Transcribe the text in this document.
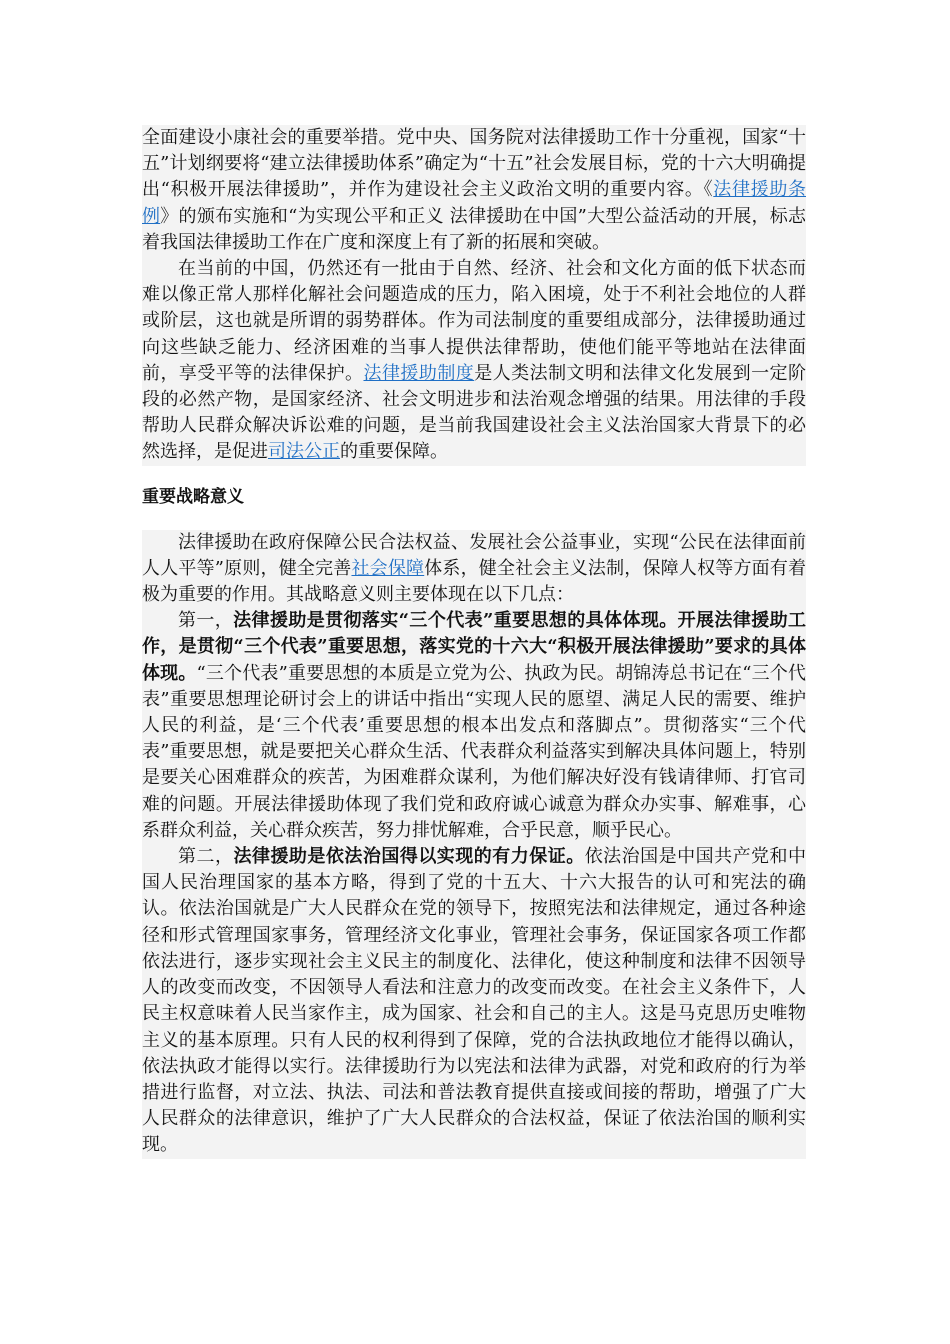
全面建设小康社会的重要举措。党中央、国务院对法律援助工作十分重视，国家“十五”计划纲要将“建立法律援助体系”确定为“十五”社会发展目标，党的十六大明确提出“积极开展法律援助”，并作为建设社会主义政治文明的重要内容。《法律援助条例》的颁布实施和“为实现公平和正义 法律援助在中国”大型公益活动的开展，标志着我国法律援助工作在广度和深度上有了新的拓展和突破。

在当前的中国，仍然还有一批由于自然、经济、社会和文化方面的低下状态而难以像正常人那样化解社会问题造成的压力，陷入困境，处于不利社会地位的人群或阶层，这也就是所谓的弱势群体。作为司法制度的重要组成部分，法律援助通过向这些缺乏能力、经济困难的当事人提供法律帮助，使他们能平等地站在法律面前，享受平等的法律保护。法律援助制度是人类法制文明和法律文化发展到一定阶段的必然产物，是国家经济、社会文明进步和法治观念增强的结果。用法律的手段帮助人民群众解决诉讼难的问题，是当前我国建设社会主义法治国家大背景下的必然选择，是促进司法公正的重要保障。

重要战略意义

法律援助在政府保障公民合法权益、发展社会公益事业，实现“公民在法律面前人人平等”原则，健全完善社会保障体系，健全社会主义法制，保障人权等方面有着极为重要的作用。其战略意义则主要体现在以下几点：

第一，法律援助是贯彻落实“三个代表”重要思想的具体体现。开展法律援助工作，是贯彻“三个代表”重要思想，落实党的十六大“积极开展法律援助”要求的具体体现。“三个代表”重要思想的本质是立党为公、执政为民。胡锦涛总书记在“三个代表”重要思想理论研讨会上的讲话中指出“实现人民的愿望、满足人民的需要、维护人民的利益，是‘三个代表’重要思想的根本出发点和落脚点”。贯彻落实“三个代表”重要思想，就是要把关心群众生活、代表群众利益落实到解决具体问题上，特别是要关心困难群众的疾苦，为困难群众谋利，为他们解决好没有钱请律师、打官司难的问题。开展法律援助体现了我们党和政府诚心诚意为群众办实事、解难事，心系群众利益，关心群众疾苦，努力排忧解难，合乎民意，顺乎民心。

第二，法律援助是依法治国得以实现的有力保证。依法治国是中国共产党和中国人民治理国家的基本方略，得到了党的十五大、十六大报告的认可和宪法的确认。依法治国就是广大人民群众在党的领导下，按照宪法和法律规定，通过各种途径和形式管理国家事务，管理经济文化事业，管理社会事务，保证国家各项工作都依法进行，逐步实现社会主义民主的制度化、法律化，使这种制度和法律不因领导人的改变而改变，不因领导人看法和注意力的改变而改变。在社会主义条件下，人民主权意味着人民当家作主，成为国家、社会和自己的主人。这是马克思历史唯物主义的基本原理。只有人民的权利得到了保障，党的合法执政地位才能得以确认，依法执政才能得以实行。法律援助行为以宪法和法律为武器，对党和政府的行为举措进行监督，对立法、执法、司法和普法教育提供直接或间接的帮助，增强了广大人民群众的法律意识，维护了广大人民群众的合法权益，保证了依法治国的顺利实现。
